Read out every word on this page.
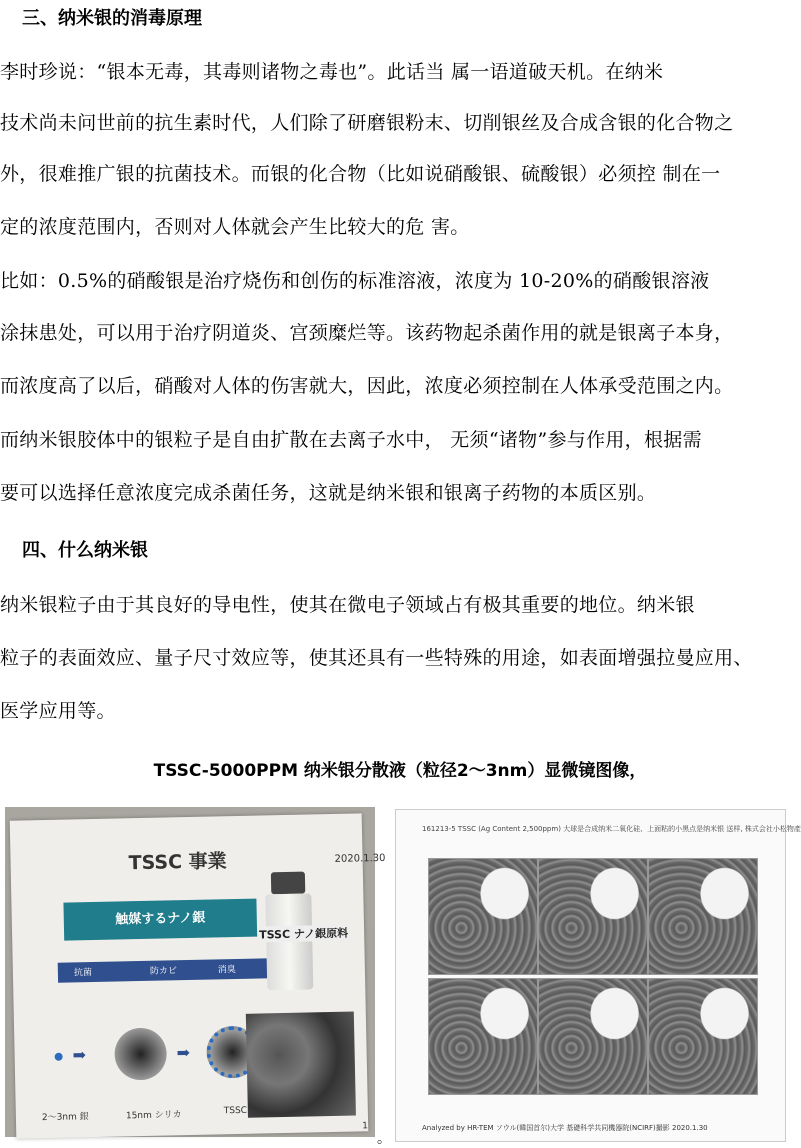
三、纳米银的消毒原理
李时珍说：“银本无毒，其毒则诸物之毒也”。此话当 属一语道破天机。在纳米
技术尚未问世前的抗生素时代，人们除了研磨银粉末、切削银丝及合成含银的化合物之
外，很难推广银的抗菌技术。而银的化合物（比如说硝酸银、硫酸银）必须控 制在一
定的浓度范围内，否则对人体就会产生比较大的危 害。
比如：0.5%的硝酸银是治疗烧伤和创伤的标准溶液，浓度为 10-20%的硝酸银溶液
涂抹患处，可以用于治疗阴道炎、宫颈糜烂等。该药物起杀菌作用的就是银离子本身，
而浓度高了以后，硝酸对人体的伤害就大，因此，浓度必须控制在人体承受范围之内。
而纳米银胶体中的银粒子是自由扩散在去离子水中， 无须“诸物”参与作用，根据需
要可以选择任意浓度完成杀菌任务，这就是纳米银和银离子药物的本质区别。
四、什么纳米银
纳米银粒子由于其良好的导电性，使其在微电子领域占有极其重要的地位。纳米银
粒子的表面效应、量子尺寸效应等，使其还具有一些特殊的用途，如表面增强拉曼应用、
医学应用等。
TSSC-5000PPM 纳米银分散液（粒径2～3nm）显微镜图像，
TSSC 事業	2020.1.30
触媒するナノ銀
抗菌	防カビ	消臭
TSSC ナノ銀原料
➡	➡
2～3nm 銀	15nm シリカ	TSSC
1
161213-5 TSSC (Ag Content 2,500ppm) 大球是合成纳米二氧化硅、上面粘的小黑点是纳米银 送样, 株式会社小松物產
Analyzed by HR-TEM ソウル(韓国首尔)大学 基礎科学共同機器院(NCIRF)撮影 2020.1.30
。
